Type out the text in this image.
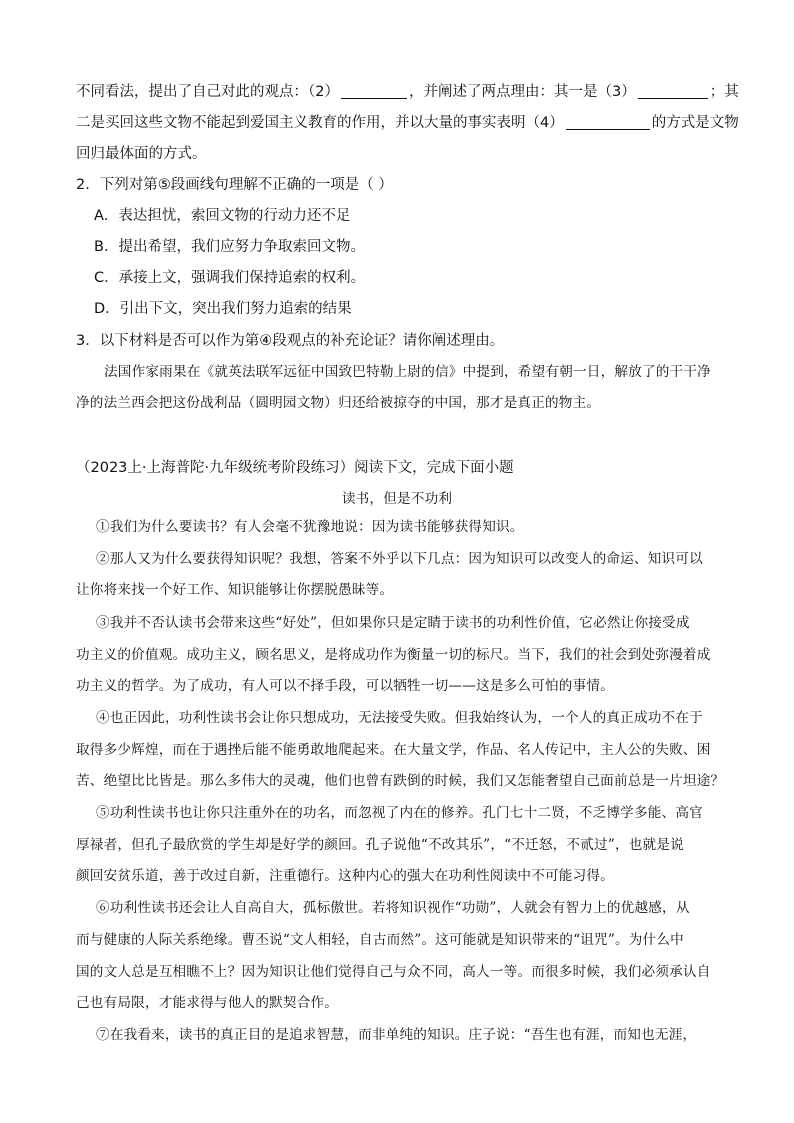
不同看法，提出了自己对此的观点：（2）	，并阐述了两点理由：其一是（3）	；其
二是买回这些文物不能起到爱国主义教育的作用，并以大量的事实表明（4）	的方式是文物
回归最体面的方式。
2．下列对第⑤段画线句理解不正确的一项是（ ）
A．表达担忧，索回文物的行动力还不足
B．提出希望，我们应努力争取索回文物。
C．承接上文，强调我们保持追索的权利。
D．引出下文，突出我们努力追索的结果
3．以下材料是否可以作为第④段观点的补充论证？请你阐述理由。
法国作家雨果在《就英法联军远征中国致巴特勒上尉的信》中提到，希望有朝一日，解放了的干干净
净的法兰西会把这份战利品（圆明园文物）归还给被掠夺的中国，那才是真正的物主。
（2023上·上海普陀·九年级统考阶段练习）阅读下文，完成下面小题
读书，但是不功利
①我们为什么要读书？有人会毫不犹豫地说：因为读书能够获得知识。
②那人又为什么要获得知识呢？我想，答案不外乎以下几点：因为知识可以改变人的命运、知识可以
让你将来找一个好工作、知识能够让你摆脱愚昧等。
③我并不否认读书会带来这些“好处”，但如果你只是定睛于读书的功利性价值，它必然让你接受成
功主义的价值观。成功主义，顾名思义，是将成功作为衡量一切的标尺。当下，我们的社会到处弥漫着成
功主义的哲学。为了成功，有人可以不择手段，可以牺牲一切——这是多么可怕的事情。
④也正因此，功利性读书会让你只想成功，无法接受失败。但我始终认为，一个人的真正成功不在于
取得多少辉煌，而在于遇挫后能不能勇敢地爬起来。在大量文学，作品、名人传记中，主人公的失败、困
苦、绝望比比皆是。那么多伟大的灵魂，他们也曾有跌倒的时候，我们又怎能奢望自己面前总是一片坦途？
⑤功利性读书也让你只注重外在的功名，而忽视了内在的修养。孔门七十二贤，不乏博学多能、高官
厚禄者，但孔子最欣赏的学生却是好学的颜回。孔子说他“不改其乐”，“不迁怒，不贰过”，也就是说
颜回安贫乐道，善于改过自新，注重德行。这种内心的强大在功利性阅读中不可能习得。
⑥功利性读书还会让人自高自大，孤标傲世。若将知识视作“功勋”，人就会有智力上的优越感，从
而与健康的人际关系绝缘。曹丕说“文人相轻，自古而然”。这可能就是知识带来的“诅咒”。为什么中
国的文人总是互相瞧不上？因为知识让他们觉得自己与众不同，高人一等。而很多时候，我们必须承认自
己也有局限，才能求得与他人的默契合作。
⑦在我看来，读书的真正目的是追求智慧，而非单纯的知识。庄子说：“吾生也有涯，而知也无涯，
